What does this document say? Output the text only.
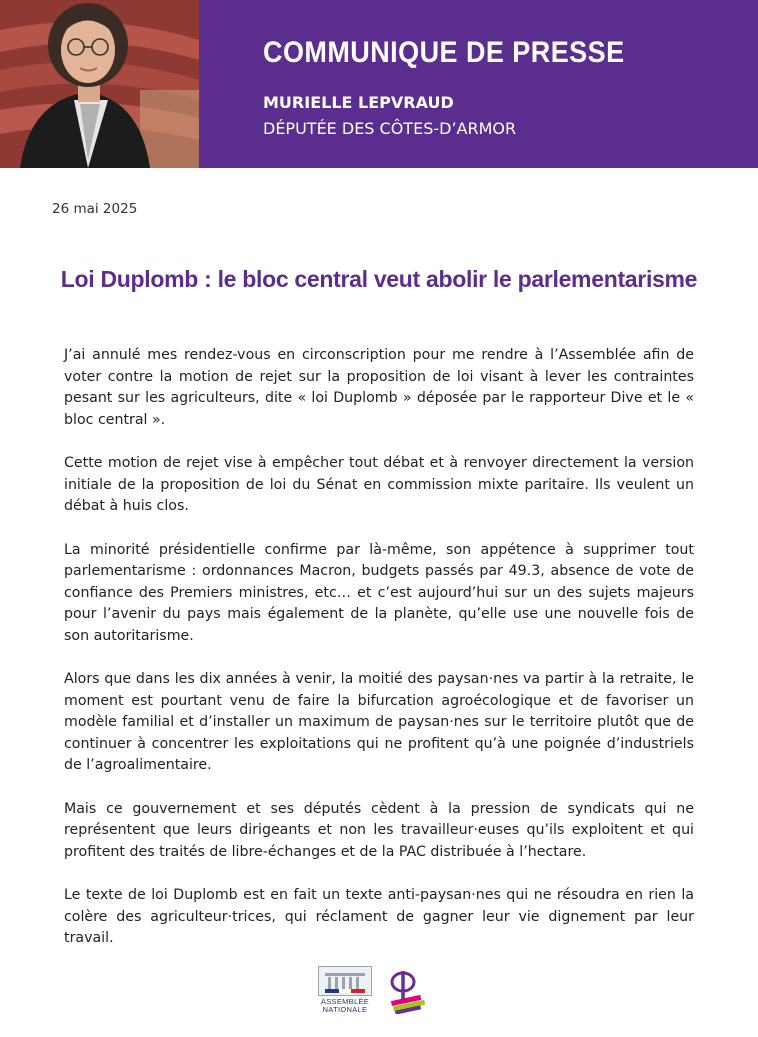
COMMUNIQUE DE PRESSE
MURIELLE LEPVRAUD
DÉPUTÉE DES CÔTES-D’ARMOR
26 mai 2025
Loi Duplomb : le bloc central veut abolir le parlementarisme

J’ai annulé mes rendez-vous en circonscription pour me rendre à l’Assemblée afin de voter contre la motion de rejet sur la proposition de loi visant à lever les contraintes pesant sur les agriculteurs, dite « loi Duplomb » déposée par le rapporteur Dive et le « bloc central ».

Cette motion de rejet vise à empêcher tout débat et à renvoyer directement la version initiale de la proposition de loi du Sénat en commission mixte paritaire. Ils veulent un débat à huis clos.

La minorité présidentielle confirme par là-même, son appétence à supprimer tout parlementarisme : ordonnances Macron, budgets passés par 49.3, absence de vote de confiance des Premiers ministres, etc… et c’est aujourd’hui sur un des sujets majeurs pour l’avenir du pays mais également de la planète, qu’elle use une nouvelle fois de son autoritarisme.

Alors que dans les dix années à venir, la moitié des paysan·nes va partir à la retraite, le moment est pourtant venu de faire la bifurcation agroécologique et de favoriser un modèle familial et d’installer un maximum de paysan·nes sur le territoire plutôt que de continuer à concentrer les exploitations qui ne profitent qu’à une poignée d’industriels de l’agroalimentaire.

Mais ce gouvernement et ses députés cèdent à la pression de syndicats qui ne représentent que leurs dirigeants et non les travailleur·euses qu’ils exploitent et qui profitent des traités de libre-échanges et de la PAC distribuée à l’hectare.

Le texte de loi Duplomb est en fait un texte anti-paysan·nes qui ne résoudra en rien la colère des agriculteur·trices, qui réclament de gagner leur vie dignement par leur travail.

ASSEMBLÉE
NATIONALE
